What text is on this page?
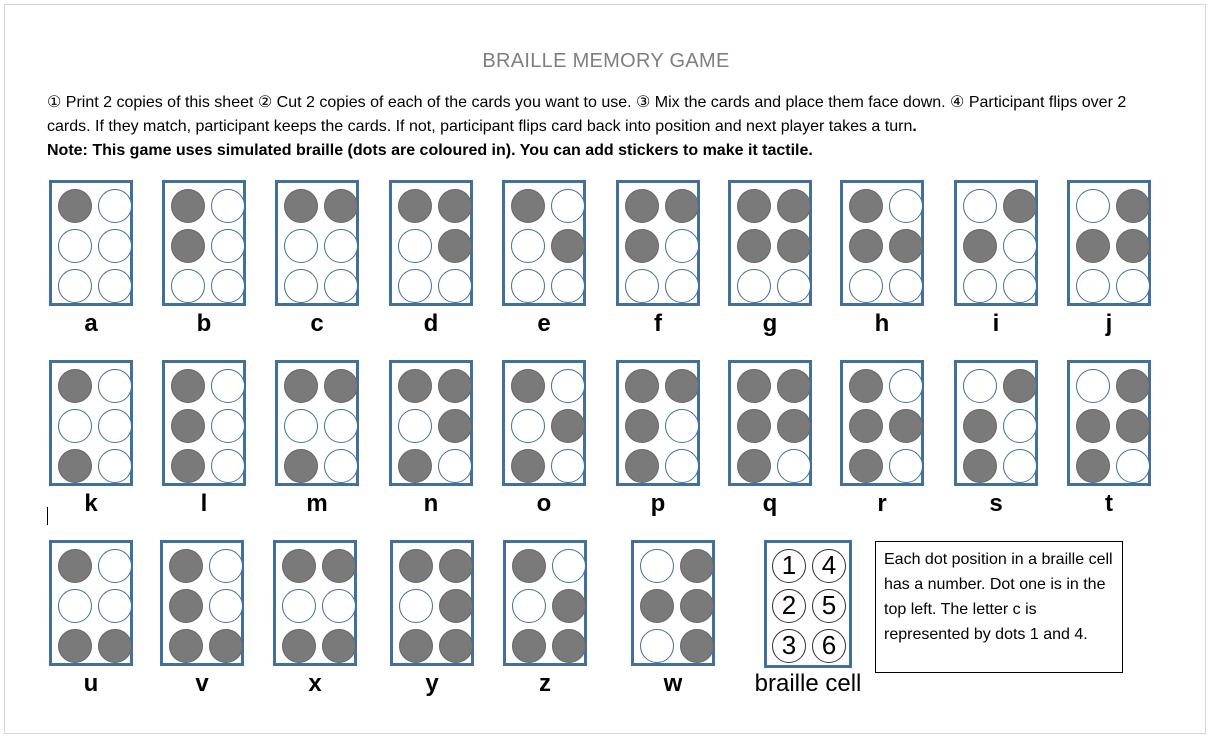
BRAILLE MEMORY GAME
① Print 2 copies of this sheet ② Cut 2 copies of each of the cards you want to use. ③ Mix the cards and place them face down. ④ Participant flips over 2 cards. If they match, participant keeps the cards. If not, participant flips card back into position and next player takes a turn.
Note: This game uses simulated braille (dots are coloured in). You can add stickers to make it tactile.
a	b	c	d	e	f	g	h	i	j
k	l	m	n	o	p	q	r	s	t
u	v	x	y	z	w
1 4
2 5
3 6
braille cell
Each dot position in a braille cell has a number. Dot one is in the top left. The letter c is represented by dots 1 and 4.
